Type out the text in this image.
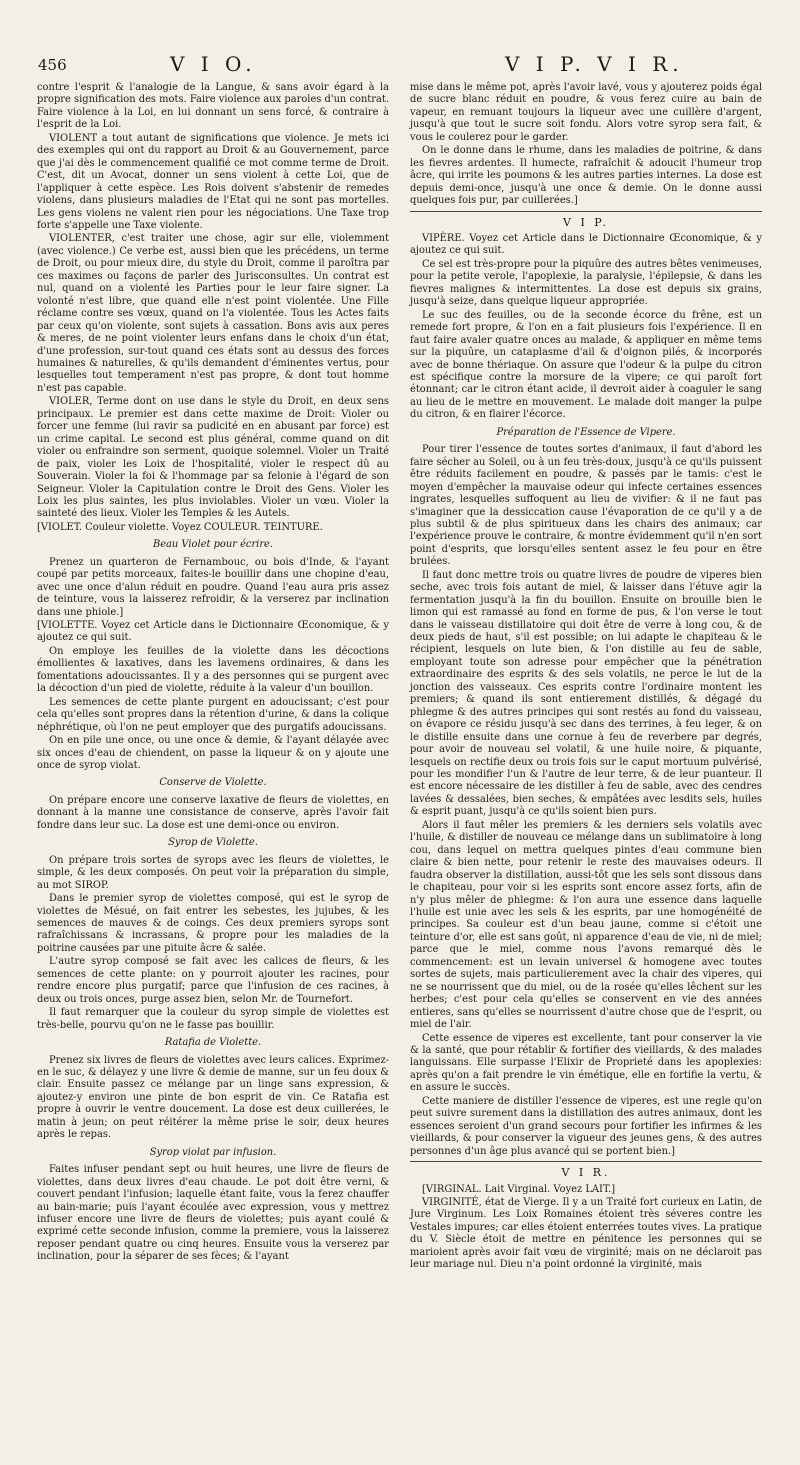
456	V I O.	V I P. V I R.

contre l'esprit & l'analogie de la Langue, & sans avoir égard à la propre signification des mots. Faire violence aux paroles d'un contrat. Faire violence à la Loi, en lui donnant un sens forcé, & contraire à l'esprit de la Loi.

VIOLENT a tout autant de significations que violence. Je mets ici des exemples qui ont du rapport au Droit & au Gouvernement, parce que j'ai dès le commencement qualifié ce mot comme terme de Droit. C'est, dit un Avocat, donner un sens violent à cette Loi, que de l'appliquer à cette espèce. Les Rois doivent s'abstenir de remedes violens, dans plusieurs maladies de l'Etat qui ne sont pas mortelles. Les gens violens ne valent rien pour les négociations. Une Taxe trop forte s'appelle une Taxe violente.

VIOLENTER, c'est traiter une chose, agir sur elle, violemment (avec violence.) Ce verbe est, aussi bien que les précédens, un terme de Droit, ou pour mieux dire, du style du Droit, comme il paroîtra par ces maximes ou façons de parler des Jurisconsultes. Un contrat est nul, quand on a violenté les Parties pour le leur faire signer. La volonté n'est libre, que quand elle n'est point violentée. Une Fille réclame contre ses vœux, quand on l'a violentée. Tous les Actes faits par ceux qu'on violente, sont sujets à cassation. Bons avis aux peres & meres, de ne point violenter leurs enfans dans le choix d'un état, d'une profession, sur-tout quand ces états sont au dessus des forces humaines & naturelles, & qu'ils demandent d'éminentes vertus, pour lesquelles tout temperament n'est pas propre, & dont tout homme n'est pas capable.

VIOLER, Terme dont on use dans le style du Droit, en deux sens principaux. Le premier est dans cette maxime de Droit: Violer ou forcer une femme (lui ravir sa pudicité en en abusant par force) est un crime capital. Le second est plus général, comme quand on dit violer ou enfraindre son serment, quoique solemnel. Violer un Traité de paix, violer les Loix de l'hospitalité, violer le respect dû au Souverain. Violer la foi & l'hommage par sa felonie à l'égard de son Seigneur. Violer la Capitulation contre le Droit des Gens. Violer les Loix les plus saintes, les plus inviolables. Violer un vœu. Violer la sainteté des lieux. Violer les Temples & les Autels.

[VIOLET. Couleur violette. Voyez COULEUR. TEINTURE.

Beau Violet pour écrire.

Prenez un quarteron de Fernambouc, ou bois d'Inde, & l'ayant coupé par petits morceaux, faites-le bouillir dans une chopine d'eau, avec une once d'alun réduit en poudre. Quand l'eau aura pris assez de teinture, vous la laisserez refroidir, & la verserez par inclination dans une phiole.]

[VIOLETTE. Voyez cet Article dans le Dictionnaire Œconomique, & y ajoutez ce qui suit.

On employe les feuilles de la violette dans les décoctions émollientes & laxatives, dans les lavemens ordinaires, & dans les fomentations adoucissantes. Il y a des personnes qui se purgent avec la décoction d'un pied de violette, réduite à la valeur d'un bouillon.

Les semences de cette plante purgent en adoucissant; c'est pour cela qu'elles sont propres dans la rétention d'urine, & dans la colique néphrétique, où l'on ne peut employer que des purgatifs adoucissans.

On en pile une once, ou une once & demie, & l'ayant délayée avec six onces d'eau de chiendent, on passe la liqueur & on y ajoute une once de syrop violat.

Conserve de Violette.

On prépare encore une conserve laxative de fleurs de violettes, en donnant à la manne une consistance de conserve, après l'avoir fait fondre dans leur suc. La dose est une demi-once ou environ.

Syrop de Violette.

On prépare trois sortes de syrops avec les fleurs de violettes, le simple, & les deux composés. On peut voir la préparation du simple, au mot SIROP.

Dans le premier syrop de violettes composé, qui est le syrop de violettes de Mésué, on fait entrer les sebestes, les jujubes, & les semences de mauves & de coings. Ces deux premiers syrops sont rafraîchissans & incrassans, & propre pour les maladies de la poitrine causées par une pituite âcre & salée.

L'autre syrop composé se fait avec les calices de fleurs, & les semences de cette plante: on y pourroit ajouter les racines, pour rendre encore plus purgatif; parce que l'infusion de ces racines, à deux ou trois onces, purge assez bien, selon Mr. de Tournefort.

Il faut remarquer que la couleur du syrop simple de violettes est très-belle, pourvu qu'on ne le fasse pas bouillir.

Ratafia de Violette.

Prenez six livres de fleurs de violettes avec leurs calices. Exprimez-en le suc, & délayez y une livre & demie de manne, sur un feu doux & clair. Ensuite passez ce mélange par un linge sans expression, & ajoutez-y environ une pinte de bon esprit de vin. Ce Ratafia est propre à ouvrir le ventre doucement. La dose est deux cuillerées, le matin à jeun; on peut réitérer la même prise le soir, deux heures après le repas.

Syrop violat par infusion.

Faites infuser pendant sept ou huit heures, une livre de fleurs de violettes, dans deux livres d'eau chaude. Le pot doit être verni, & couvert pendant l'infusion; laquelle étant faite, vous la ferez chauffer au bain-marie; puis l'ayant écoulée avec expression, vous y mettrez infuser encore une livre de fleurs de violettes; puis ayant coulé & exprimé cette seconde infusion, comme la premiere, vous la laisserez reposer pendant quatre ou cinq heures. Ensuite vous la verserez par inclination, pour la séparer de ses fèces; & l'ayant

mise dans le même pot, après l'avoir lavé, vous y ajouterez poids égal de sucre blanc réduit en poudre, & vous ferez cuire au bain de vapeur, en remuant toujours la liqueur avec une cuillère d'argent, jusqu'à que tout le sucre soit fondu. Alors votre syrop sera fait, & vous le coulerez pour le garder.

On le donne dans le rhume, dans les maladies de poitrine, & dans les fievres ardentes. Il humecte, rafraîchit & adoucit l'humeur trop âcre, qui irrite les poumons & les autres parties internes. La dose est depuis demi-once, jusqu'à une once & demie. On le donne aussi quelques fois pur, par cuillerées.]

V I P.

VIPÈRE. Voyez cet Article dans le Dictionnaire Œconomique, & y ajoutez ce qui suit.

Ce sel est très-propre pour la piquûre des autres bêtes venimeuses, pour la petite verole, l'apoplexie, la paralysie, l'épilepsie, & dans les fievres malignes & intermittentes. La dose est depuis six grains, jusqu'à seize, dans quelque liqueur appropriée.

Le suc des feuilles, ou de la seconde écorce du frêne, est un remede fort propre, & l'on en a fait plusieurs fois l'expérience. Il en faut faire avaler quatre onces au malade, & appliquer en même tems sur la piquûre, un cataplasme d'ail & d'oignon pilés, & incorporés avec de bonne thériaque. On assure que l'odeur & la pulpe du citron est spécifique contre la morsure de la vipere; ce qui paroît fort étonnant; car le citron étant acide, il devroit aider à coaguler le sang au lieu de le mettre en mouvement. Le malade doit manger la pulpe du citron, & en flairer l'écorce.

Préparation de l'Essence de Vipere.

Pour tirer l'essence de toutes sortes d'animaux, il faut d'abord les faire sécher au Soleil, ou à un feu très-doux, jusqu'à ce qu'ils puissent être réduits facilement en poudre, & passés par le tamis: c'est le moyen d'empêcher la mauvaise odeur qui infecte certaines essences ingrates, lesquelles suffoquent au lieu de vivifier: & il ne faut pas s'imaginer que la dessiccation cause l'évaporation de ce qu'il y a de plus subtil & de plus spiritueux dans les chairs des animaux; car l'expérience prouve le contraire, & montre évidemment qu'il n'en sort point d'esprits, que lorsqu'elles sentent assez le feu pour en être brulées.

Il faut donc mettre trois ou quatre livres de poudre de viperes bien seche, avec trois fois autant de miel, & laisser dans l'étuve agir la fermentation jusqu'à la fin du bouillon. Ensuite on brouille bien le limon qui est ramassé au fond en forme de pus, & l'on verse le tout dans le vaisseau distillatoire qui doit être de verre à long cou, & de deux pieds de haut, s'il est possible; on lui adapte le chapiteau & le récipient, lesquels on lute bien, & l'on distille au feu de sable, employant toute son adresse pour empêcher que la pénétration extraordinaire des esprits & des sels volatils, ne perce le lut de la jonction des vaisseaux. Ces esprits contre l'ordinaire montent les premiers; & quand ils sont entierement distillés, & dégagé du phlegme & des autres principes qui sont restés au fond du vaisseau, on évapore ce résidu jusqu'à sec dans des terrines, à feu leger, & on le distille ensuite dans une cornue à feu de reverbere par degrés, pour avoir de nouveau sel volatil, & une huile noire, & piquante, lesquels on rectifie deux ou trois fois sur le caput mortuum pulvérisé, pour les mondifier l'un & l'autre de leur terre, & de leur puanteur. Il est encore nécessaire de les distiller à feu de sable, avec des cendres lavées & dessalées, bien seches, & empâtées avec lesdits sels, huiles & esprit puant, jusqu'à ce qu'ils soient bien purs.

Alors il faut mêler les premiers & les derniers sels volatils avec l'huile, & distiller de nouveau ce mélange dans un sublimatoire à long cou, dans lequel on mettra quelques pintes d'eau commune bien claire & bien nette, pour retenir le reste des mauvaises odeurs. Il faudra observer la distillation, aussi-tôt que les sels sont dissous dans le chapiteau, pour voir si les esprits sont encore assez forts, afin de n'y plus mêler de phlegme: & l'on aura une essence dans laquelle l'huile est unie avec les sels & les esprits, par une homogénéité de principes. Sa couleur est d'un beau jaune, comme si c'étoit une teinture d'or, elle est sans goût, ni apparence d'eau de vie, ni de miel; parce que le miel, comme nous l'avons remarqué dès le commencement: est un levain universel & homogene avec toutes sortes de sujets, mais particulierement avec la chair des viperes, qui ne se nourrissent que du miel, ou de la rosée qu'elles lêchent sur les herbes; c'est pour cela qu'elles se conservent en vie des années entieres, sans qu'elles se nourrissent d'autre chose que de l'esprit, ou miel de l'air.

Cette essence de viperes est excellente, tant pour conserver la vie & la santé, que pour rétablir & fortifier des vieillards, & des malades languissans. Elle surpasse l'Elixir de Proprieté dans les apoplexies: après qu'on a fait prendre le vin émétique, elle en fortifie la vertu, & en assure le succès.

Cette maniere de distiller l'essence de viperes, est une regle qu'on peut suivre surement dans la distillation des autres animaux, dont les essences seroient d'un grand secours pour fortifier les infirmes & les vieillards, & pour conserver la vigueur des jeunes gens, & des autres personnes d'un âge plus avancé qui se portent bien.]

V I R.

[VIRGINAL. Lait Virginal. Voyez LAIT.]

VIRGINITÉ, état de Vierge. Il y a un Traité fort curieux en Latin, de Jure Virginum. Les Loix Romaines étoient très séveres contre les Vestales impures; car elles étoient enterrées toutes vives. La pratique du V. Siècle étoit de mettre en pénitence les personnes qui se marioient après avoir fait vœu de virginité; mais on ne déclaroit pas leur mariage nul. Dieu n'a point ordonné la virginité, mais
